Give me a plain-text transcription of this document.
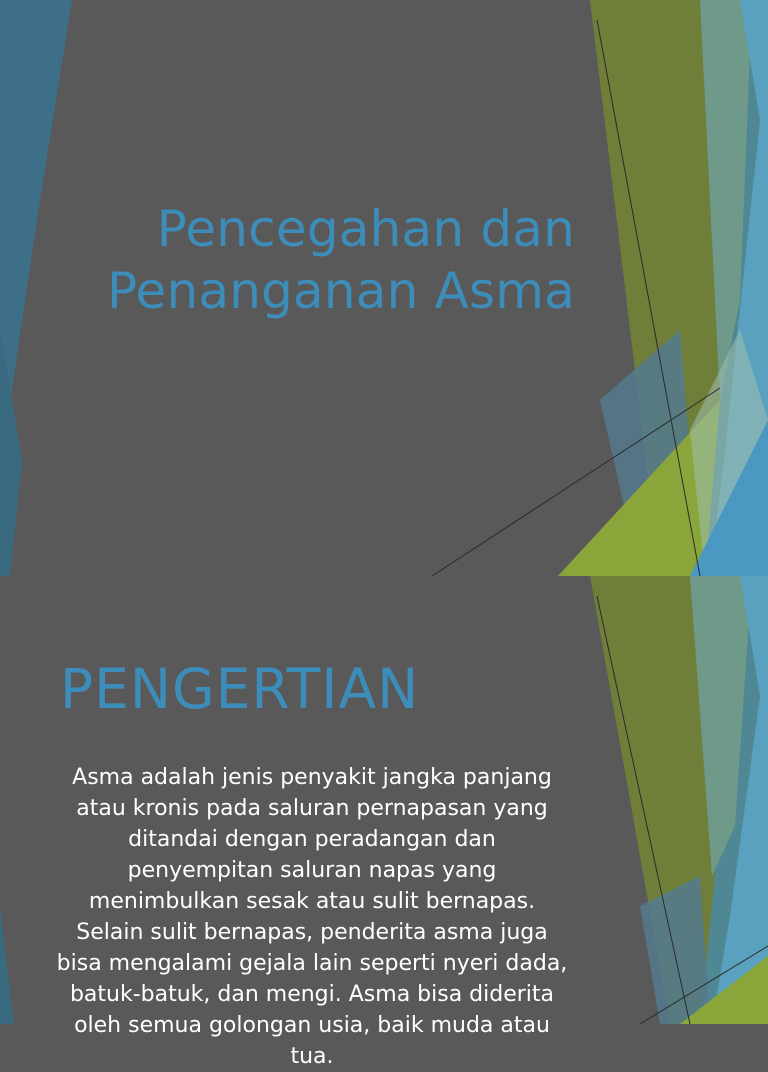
Pencegahan dan
Penanganan Asma
PENGERTIAN
Asma adalah jenis penyakit jangka panjang atau kronis pada saluran pernapasan yang ditandai dengan peradangan dan penyempitan saluran napas yang menimbulkan sesak atau sulit bernapas. Selain sulit bernapas, penderita asma juga bisa mengalami gejala lain seperti nyeri dada, batuk-batuk, dan mengi. Asma bisa diderita oleh semua golongan usia, baik muda atau tua.
